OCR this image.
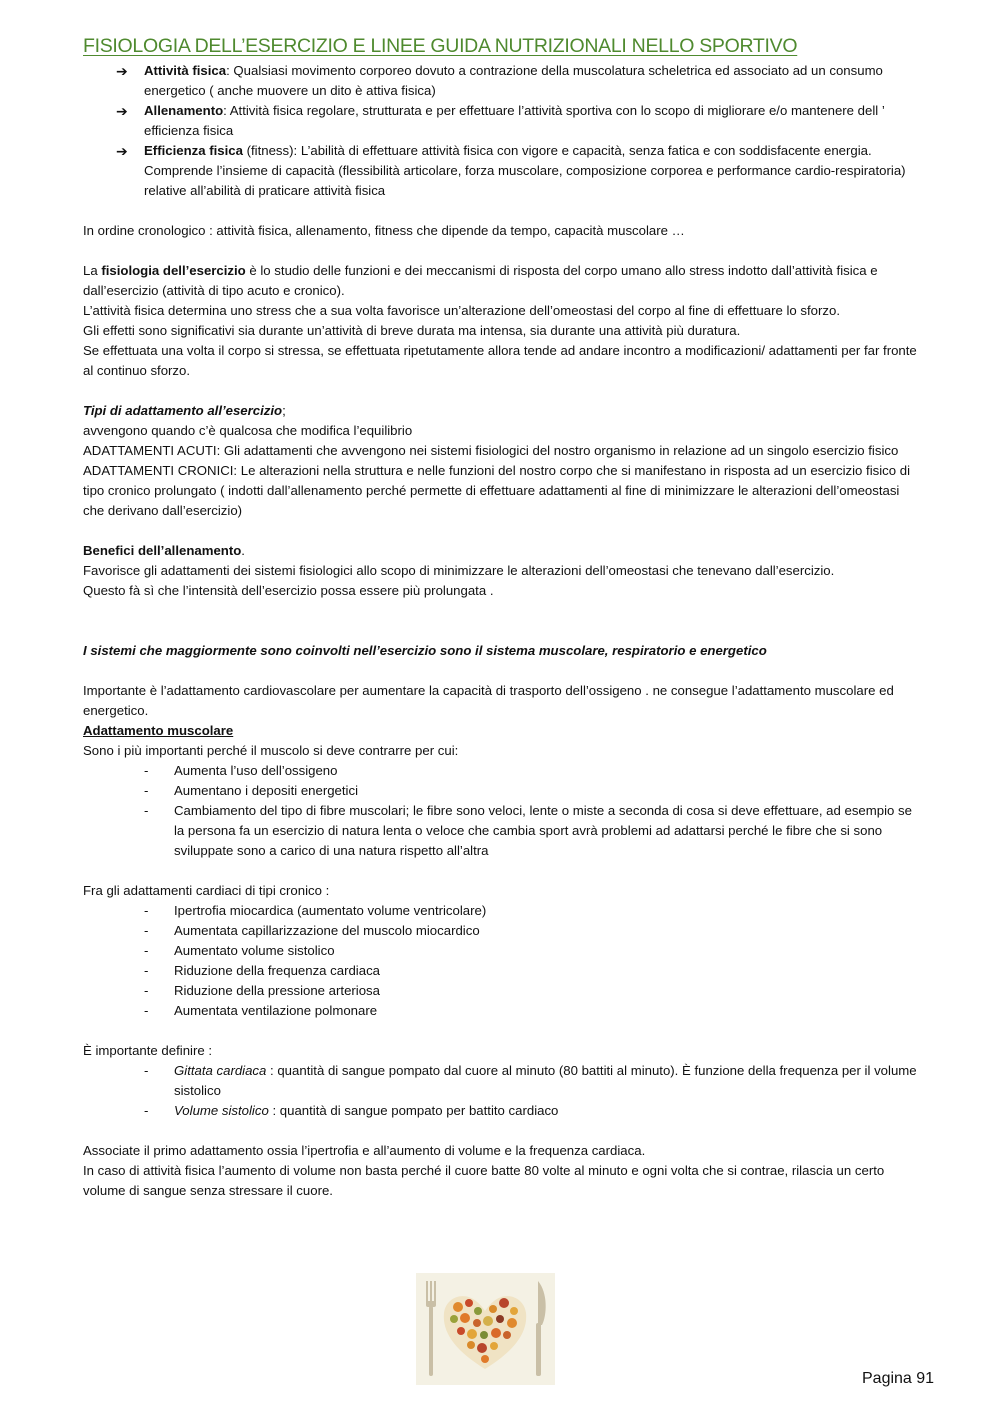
FISIOLOGIA DELL’ESERCIZIO E LINEE GUIDA NUTRIZIONALI NELLO SPORTIVO
➔ Attività fisica: Qualsiasi movimento corporeo dovuto a contrazione della muscolatura scheletrica ed associato ad un consumo energetico ( anche muovere un dito è attiva fisica)
➔ Allenamento: Attività fisica regolare, strutturata e per effettuare l’attività sportiva con lo scopo di migliorare e/o mantenere dell ’ efficienza fisica
➔ Efficienza fisica (fitness): L’abilità di effettuare attività fisica con vigore e capacità, senza fatica e con soddisfacente energia. Comprende l’insieme di capacità (flessibilità articolare, forza muscolare, composizione corporea e performance cardio-respiratoria) relative all’abilità di praticare attività fisica

In ordine cronologico : attività fisica, allenamento, fitness che dipende da tempo, capacità muscolare …

La fisiologia dell’esercizio è lo studio delle funzioni e dei meccanismi di risposta del corpo umano allo stress indotto dall’attività fisica e dall’esercizio (attività di tipo acuto e cronico).

L’attività fisica determina uno stress che a sua volta favorisce un’alterazione dell’omeostasi del corpo al fine di effettuare lo sforzo.

Gli effetti sono significativi sia durante un’attività di breve durata ma intensa, sia durante una attività più duratura.

Se effettuata una volta il corpo si stressa, se effettuata ripetutamente allora tende ad andare incontro a modificazioni/ adattamenti per far fronte al continuo sforzo.

Tipi di adattamento all’esercizio;

avvengono quando c’è qualcosa che modifica l’equilibrio

ADATTAMENTI ACUTI: Gli adattamenti che avvengono nei sistemi fisiologici del nostro organismo in relazione ad un singolo esercizio fisico

ADATTAMENTI CRONICI: Le alterazioni nella struttura e nelle funzioni del nostro corpo che si manifestano in risposta ad un esercizio fisico di tipo cronico prolungato ( indotti dall’allenamento perché permette di effettuare adattamenti al fine di minimizzare le alterazioni dell’omeostasi che derivano dall’esercizio)

Benefici dell’allenamento.

Favorisce gli adattamenti dei sistemi fisiologici allo scopo di minimizzare le alterazioni dell’omeostasi che tenevano dall’esercizio.

Questo fà sì che l’intensità dell’esercizio possa essere più prolungata .

I sistemi che maggiormente sono coinvolti nell’esercizio sono il sistema muscolare, respiratorio e energetico

Importante è l’adattamento cardiovascolare per aumentare la capacità di trasporto dell’ossigeno . ne consegue l’adattamento muscolare ed energetico.

Adattamento muscolare

Sono i più importanti perché il muscolo si deve contrarre per cui:

- Aumenta l’uso dell’ossigeno
- Aumentano i depositi energetici
- Cambiamento del tipo di fibre muscolari; le fibre sono veloci, lente o miste a seconda di cosa si deve effettuare, ad esempio se la persona fa un esercizio di natura lenta o veloce che cambia sport avrà problemi ad adattarsi perché le fibre che si sono sviluppate sono a carico di una natura rispetto all’altra

Fra gli adattamenti cardiaci di tipi cronico :

- Ipertrofia miocardica (aumentato volume ventricolare)
- Aumentata capillarizzazione del muscolo miocardico
- Aumentato volume sistolico
- Riduzione della frequenza cardiaca
- Riduzione della pressione arteriosa
- Aumentata ventilazione polmonare

È importante definire :

- Gittata cardiaca : quantità di sangue pompato dal cuore al minuto (80 battiti al minuto). È funzione della frequenza per il volume sistolico
- Volume sistolico : quantità di sangue pompato per battito cardiaco

Associate il primo adattamento ossia l’ipertrofia e all’aumento di volume e la frequenza cardiaca.

In caso di attività fisica l’aumento di volume non basta perché il cuore batte 80 volte al minuto e ogni volta che si contrae, rilascia un certo volume di sangue senza stressare il cuore.

Pagina 91
